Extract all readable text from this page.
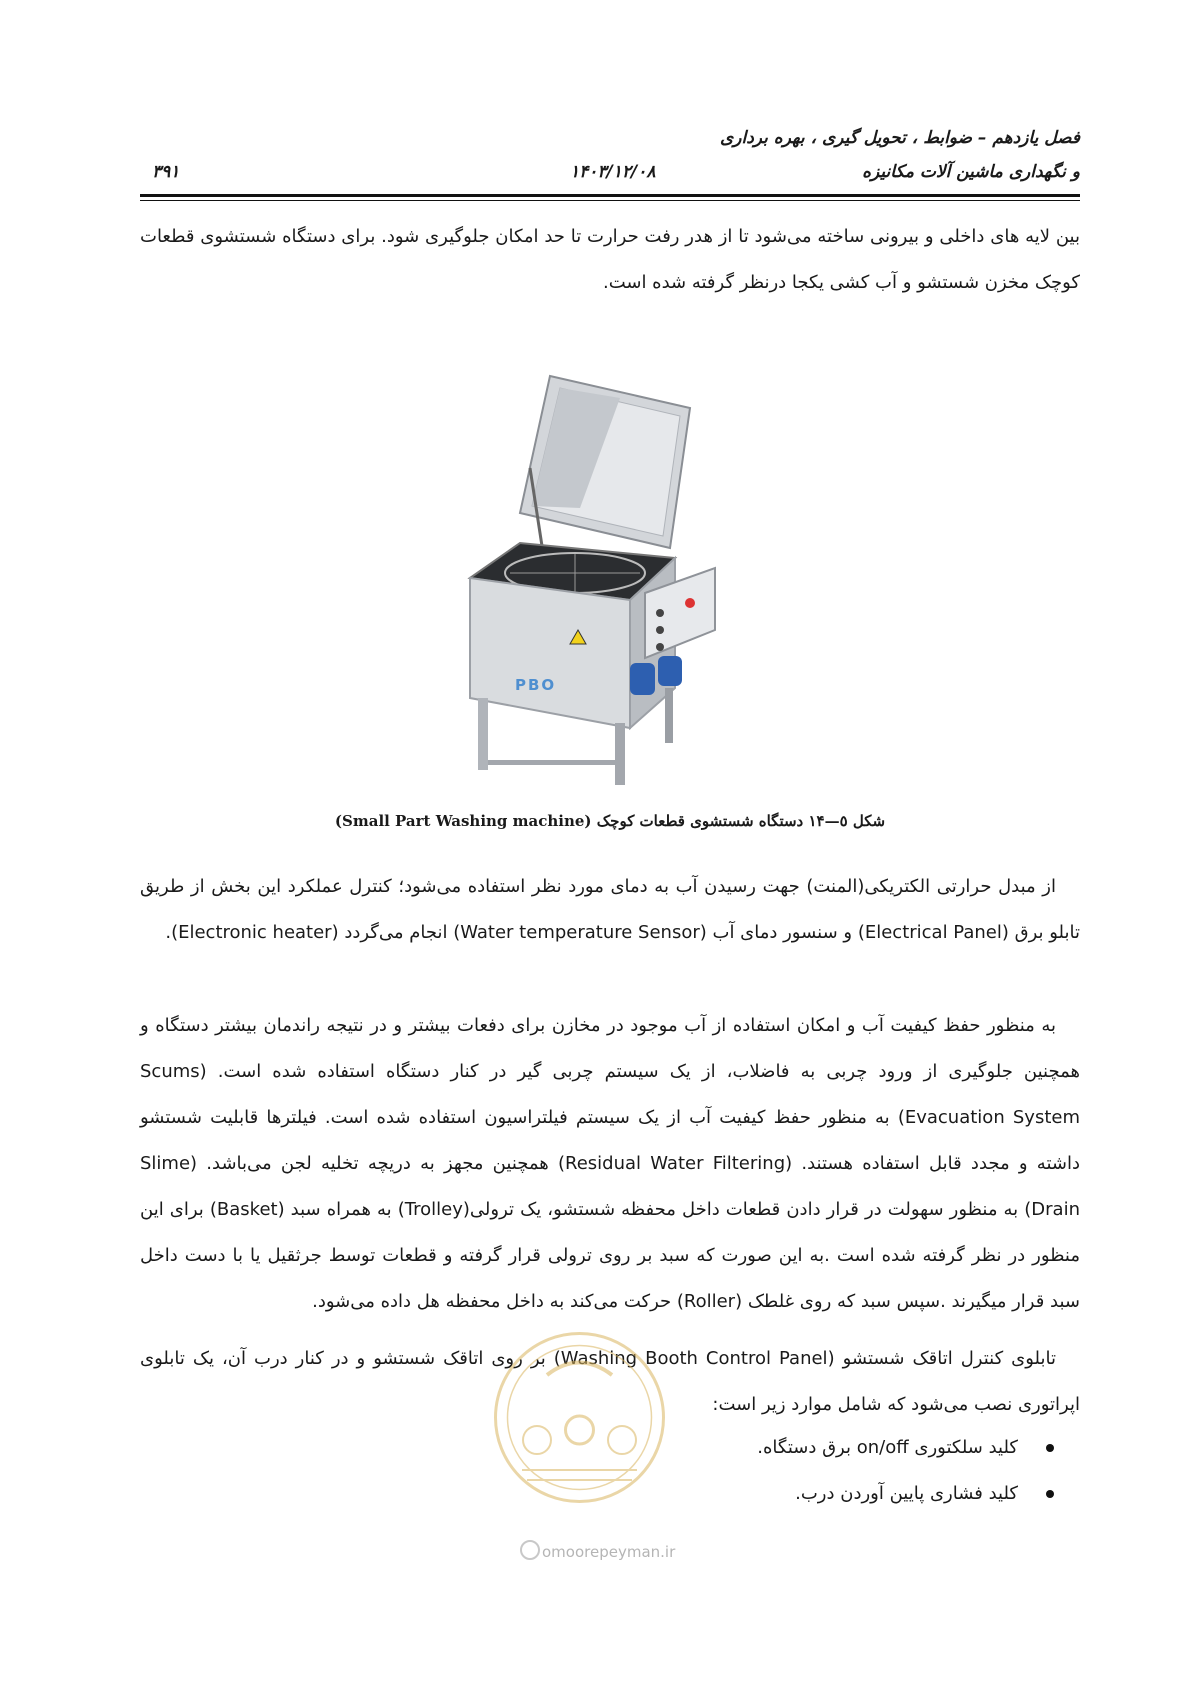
فصل یازدهم – ضوابط ، تحویل گیری ، بهره برداری
و نگهداری ماشین آلات مکانیزه
۱۴۰۳/۱۲/۰۸
۳۹۱
بین لایه های داخلی و بیرونی ساخته می‌شود تا از هدر رفت حرارت تا حد امکان جلوگیری شود. برای دستگاه شستشوی قطعات کوچک مخزن شستشو و آب کشی یکجا درنظر گرفته شده است.
PBO
شکل ٥—١۴ دستگاه شستشوی قطعات کوچک (Small Part Washing machine)
از مبدل حرارتی الکتریکی(المنت) جهت رسیدن آب به دمای مورد نظر استفاده می‌شود؛ کنترل عملکرد این بخش از طریق تابلو برق (Electrical Panel) و سنسور دمای آب (Water temperature Sensor) انجام می‌گردد (Electronic heater).
به منظور حفظ کیفیت آب و امکان استفاده از آب موجود در مخازن برای دفعات بیشتر و در نتیجه راندمان بیشتر دستگاه و همچنین جلوگیری از ورود چربی به فاضلاب، از یک سیستم چربی گیر در کنار دستگاه استفاده شده است. (Scums Evacuation System) به منظور حفظ کیفیت آب از یک سیستم فیلتراسیون استفاده شده است. فیلترها قابلیت شستشو داشته و مجدد قابل استفاده هستند. (Residual Water Filtering) همچنین مجهز به دریچه تخلیه لجن می‌باشد. (Slime Drain) به منظور سهولت در قرار دادن قطعات داخل محفظه شستشو، یک ترولی(Trolley) به همراه سبد (Basket) برای این منظور در نظر گرفته شده است .به این صورت که سبد بر روی ترولی قرار گرفته و قطعات توسط جرثقیل یا با دست داخل سبد قرار میگیرند .سپس سبد که روی غلطک (Roller) حرکت می‌کند به داخل محفظه هل داده می‌شود.
تابلوی کنترل اتاقک شستشو (Washing Booth Control Panel) بر روی اتاقک شستشو و در کنار درب آن، یک تابلوی اپراتوری نصب می‌شود که شامل موارد زیر است:
کلید سلکتوری on/off برق دستگاه.
کلید فشاری پایین آوردن درب.
omoorepeyman.ir
